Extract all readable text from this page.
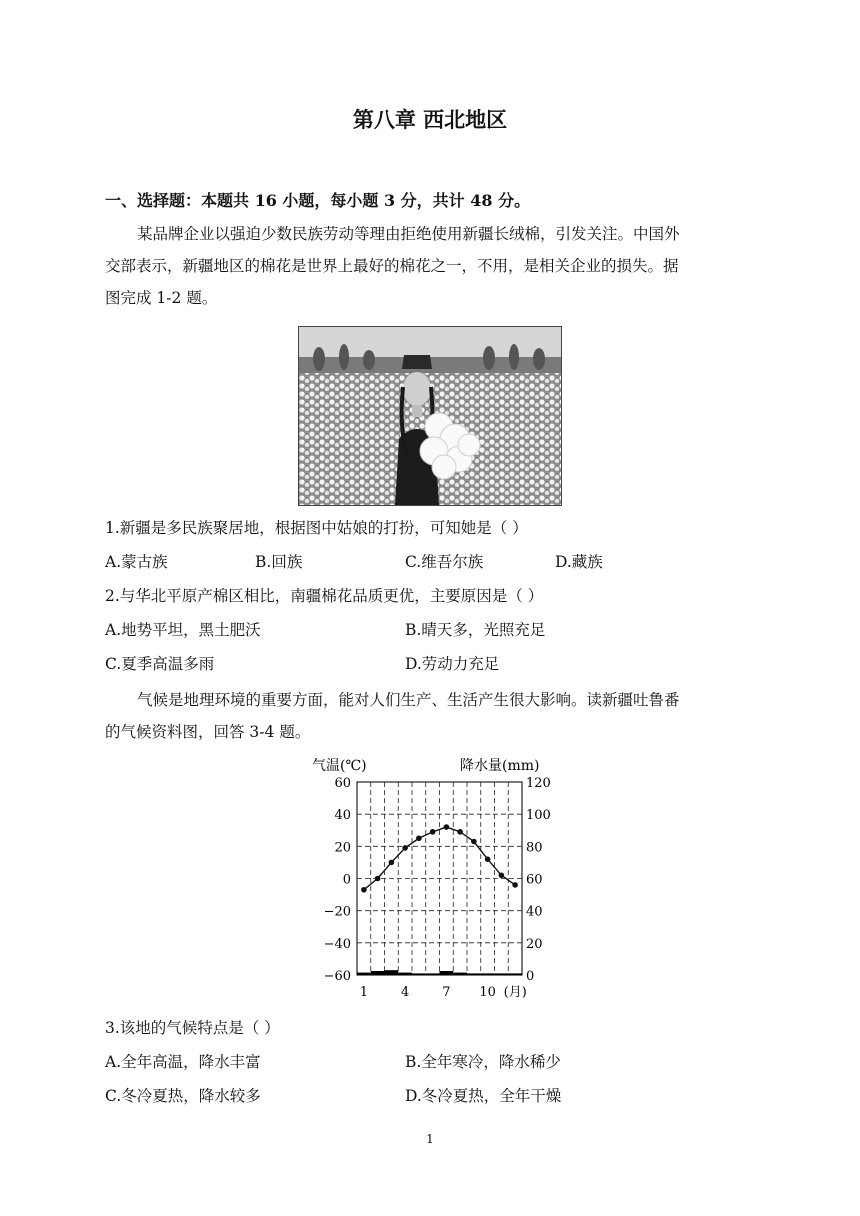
第八章 西北地区
一、选择题：本题共 16 小题，每小题 3 分，共计 48 分。
某品牌企业以强迫少数民族劳动等理由拒绝使用新疆长绒棉，引发关注。中国外
交部表示，新疆地区的棉花是世界上最好的棉花之一，不用，是相关企业的损失。据
图完成 1-2 题。
1.新疆是多民族聚居地，根据图中姑娘的打扮，可知她是（ ）
A.蒙古族	B.回族	C.维吾尔族	D.藏族
2.与华北平原产棉区相比，南疆棉花品质更优，主要原因是（ ）
A.地势平坦，黑土肥沃	B.晴天多，光照充足
C.夏季高温多雨	D.劳动力充足
气候是地理环境的重要方面，能对人们生产、生活产生很大影响。读新疆吐鲁番
的气候资料图，回答 3-4 题。
气温(℃)	降水量(mm)
60
40
20
0
−20
−40
−60
120
100
80
60
40
20
0
1	4	7 10 (月)
3.该地的气候特点是（ ）
A.全年高温，降水丰富	B.全年寒冷，降水稀少
C.冬冷夏热，降水较多	D.冬冷夏热，全年干燥
1
